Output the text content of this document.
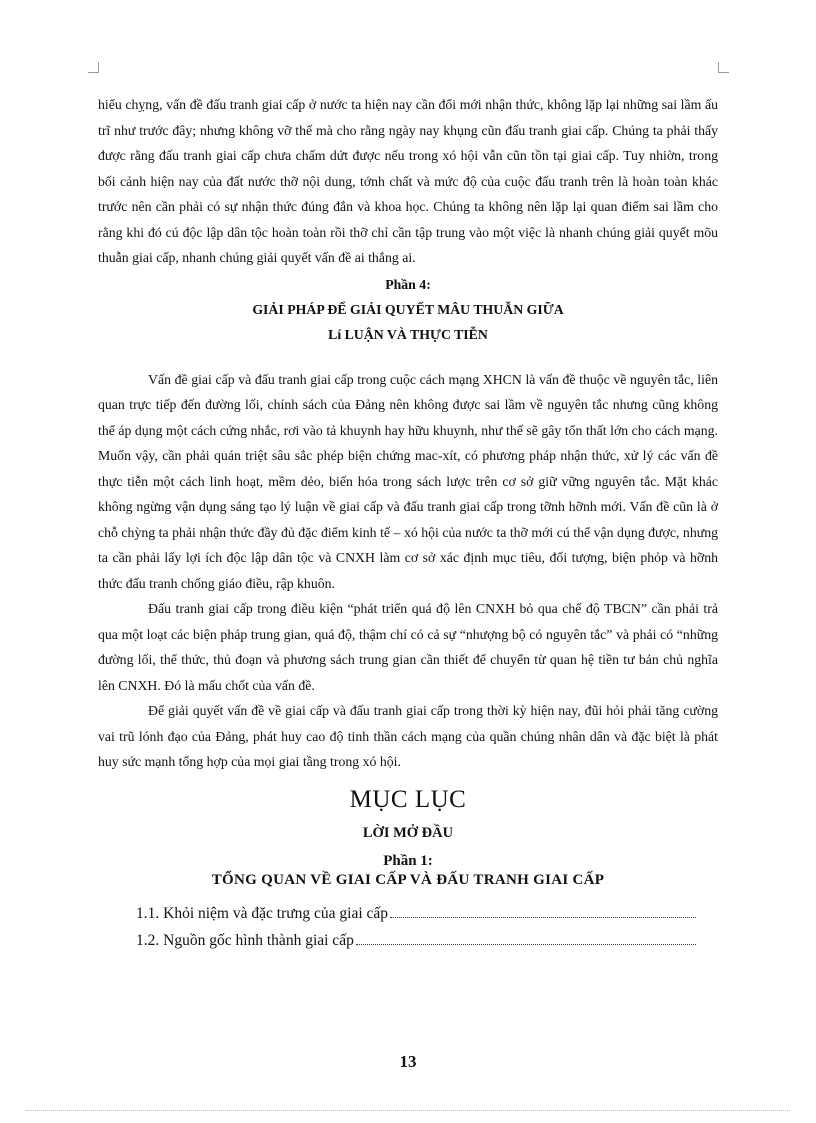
hiểu chỵng, vấn đề đấu tranh giai cấp ở nước ta hiện nay cần đổi mới nhận thức, không lặp lại những sai lầm ấu trĩ như trước đây; nhưng không vỡ thế mà cho rằng ngày nay khụng cũn đấu tranh giai cấp. Chúng ta phải thấy được rằng đấu tranh giai cấp chưa chấm dứt được nếu trong xó hội vẫn cũn tồn tại giai cấp. Tuy nhiờn, trong bối cảnh hiện nay của đất nước thỡ nội dung, tớnh chất và mức độ của cuộc đấu tranh trên là hoàn toàn khác trước nên cần phải có sự nhận thức đúng đắn và khoa học. Chúng ta không nên lặp lại quan điểm sai lầm cho rằng khi đó cú độc lập dân tộc hoàn toàn rồi thỡ chỉ cần tập trung vào một việc là nhanh chúng giải quyết mõu thuẫn giai cấp, nhanh chúng giải quyết vấn đề ai thắng ai.

Phần 4:
GIẢI PHÁP ĐỂ GIẢI QUYẾT MÂU THUẪN GIỮA
Lí LUẬN VÀ THỰC TIỄN

Vấn đề giai cấp và đấu tranh giai cấp trong cuộc cách mạng XHCN là vấn đề thuộc về nguyên tắc, liên quan trực tiếp đến đường lối, chính sách của Đảng nên không được sai lầm về nguyên tắc nhưng cũng không thể áp dụng một cách cứng nhắc, rơi vào tả khuynh hay hữu khuynh, như thế sẽ gây tổn thất lớn cho cách mạng. Muốn vậy, cần phải quán triệt sâu sắc phép biện chứng mac-xít, có phương pháp nhận thức, xử lý các vấn đề thực tiễn một cách linh hoạt, mềm dẻo, biến hóa trong sách lược trên cơ sở giữ vững nguyên tắc. Mặt khác không ngừng vận dụng sáng tạo lý luận về giai cấp và đấu tranh giai cấp trong tỡnh hỡnh mới. Vấn đề cũn là ở chỗ chỳng ta phải nhận thức đầy đủ đặc điểm kinh tế – xó hội của nước ta thỡ mới cú thể vận dụng được, nhưng ta cần phải lấy lợi ích độc lập dân tộc và CNXH làm cơ sở xác định mục tiêu, đối tượng, biện phỏp và hỡnh thức đấu tranh chống giáo điều, rập khuôn.

Đấu tranh giai cấp trong điều kiện “phát triển quá độ lên CNXH bỏ qua chế độ TBCN” cần phải trả qua một loạt các biện pháp trung gian, quá độ, thậm chí có cả sự “nhượng bộ có nguyên tắc” và phải có “những đường lối, thể thức, thủ đoạn và phương sách trung gian cần thiết để chuyển từ quan hệ tiền tư bản chủ nghĩa lên CNXH. Đó là mấu chốt của vấn đề.

Để giải quyết vấn đề về giai cấp và đấu tranh giai cấp trong thời kỳ hiện nay, đũi hỏi phải tăng cường vai trũ lónh đạo của Đảng, phát huy cao độ tinh thần cách mạng của quần chúng nhân dân và đặc biệt là phát huy sức mạnh tổng hợp của mọi giai tầng trong xó hội.

MỤC LỤC
LỜI MỞ ĐẦU
Phần 1:
TỔNG QUAN VỀ GIAI CẤP VÀ ĐẤU TRANH GIAI CẤP
1.1. Khỏi niệm và đặc trưng của giai cấp
1.2. Nguồn gốc hình thành giai cấp
13
